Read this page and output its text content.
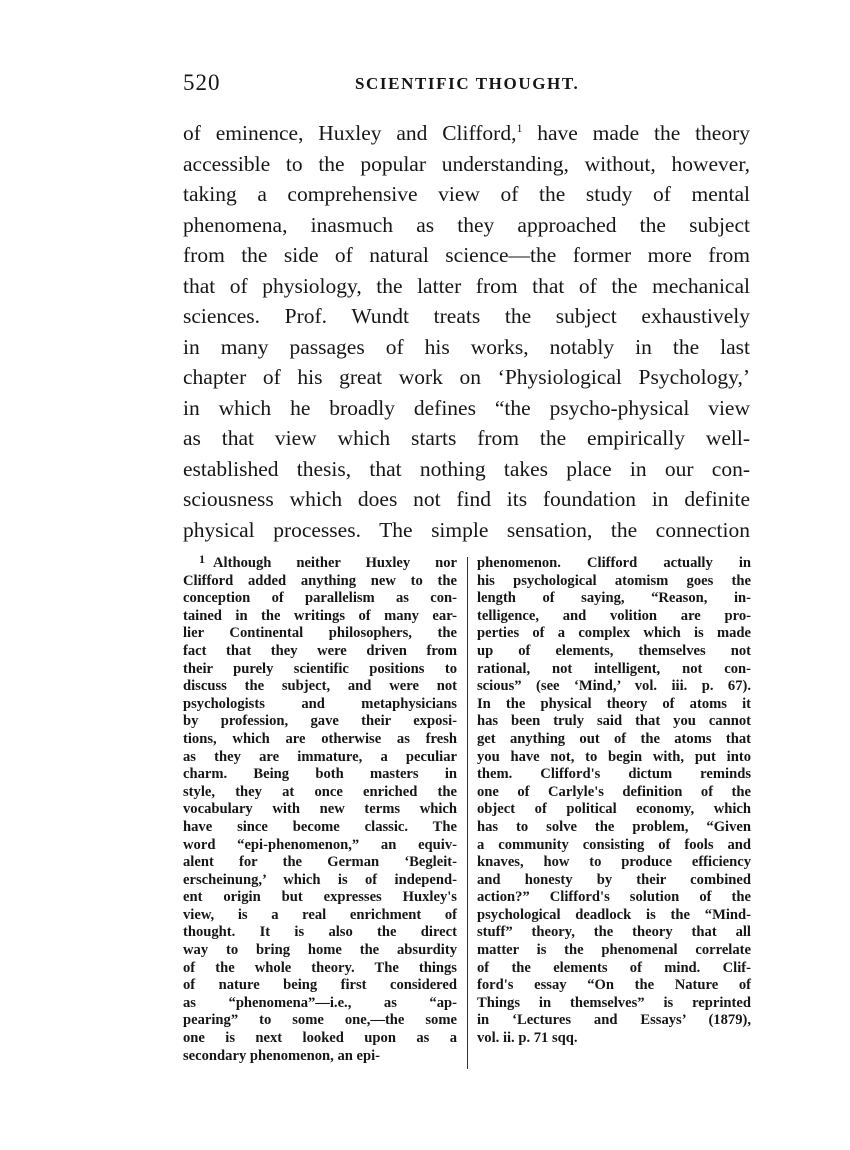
520	SCIENTIFIC THOUGHT.
of eminence, Huxley and Clifford,$^1$ have made the theory
accessible to the popular understanding, without, however,
taking a comprehensive view of the study of mental
phenomena, inasmuch as they approached the subject
from the side of natural science—the former more from
that of physiology, the latter from that of the mechanical
sciences. Prof. Wundt treats the subject exhaustively
in many passages of his works, notably in the last
chapter of his great work on ‘Physiological Psychology,’
in which he broadly defines “the psycho-physical view
as that view which starts from the empirically well-
established thesis, that nothing takes place in our con-
sciousness which does not find its foundation in definite
physical processes. The simple sensation, the connection
1 Although neither Huxley nor
Clifford added anything new to the
conception of parallelism as con-
tained in the writings of many ear-
lier Continental philosophers, the
fact that they were driven from
their purely scientific positions to
discuss the subject, and were not
psychologists and metaphysicians
by profession, gave their exposi-
tions, which are otherwise as fresh
as they are immature, a peculiar
charm. Being both masters in
style, they at once enriched the
vocabulary with new terms which
have since become classic. The
word “epi-phenomenon,” an equiv-
alent for the German ‘Begleit-
erscheinung,’ which is of independ-
ent origin but expresses Huxley's
view, is a real enrichment of
thought. It is also the direct
way to bring home the absurdity
of the whole theory. The things
of nature being first considered
as “phenomena”—i.e., as “ap-
pearing” to some one,—the some
one is next looked upon as a
secondary phenomenon, an epi-
phenomenon. Clifford actually in
his psychological atomism goes the
length of saying, “Reason, in-
telligence, and volition are pro-
perties of a complex which is made
up of elements, themselves not
rational, not intelligent, not con-
scious” (see ‘Mind,’ vol. iii. p. 67).
In the physical theory of atoms it
has been truly said that you cannot
get anything out of the atoms that
you have not, to begin with, put into
them. Clifford's dictum reminds
one of Carlyle's definition of the
object of political economy, which
has to solve the problem, “Given
a community consisting of fools and
knaves, how to produce efficiency
and honesty by their combined
action?” Clifford's solution of the
psychological deadlock is the “Mind-
stuff” theory, the theory that all
matter is the phenomenal correlate
of the elements of mind. Clif-
ford's essay “On the Nature of
Things in themselves” is reprinted
in ‘Lectures and Essays’ (1879),
vol. ii. p. 71 sqq.
